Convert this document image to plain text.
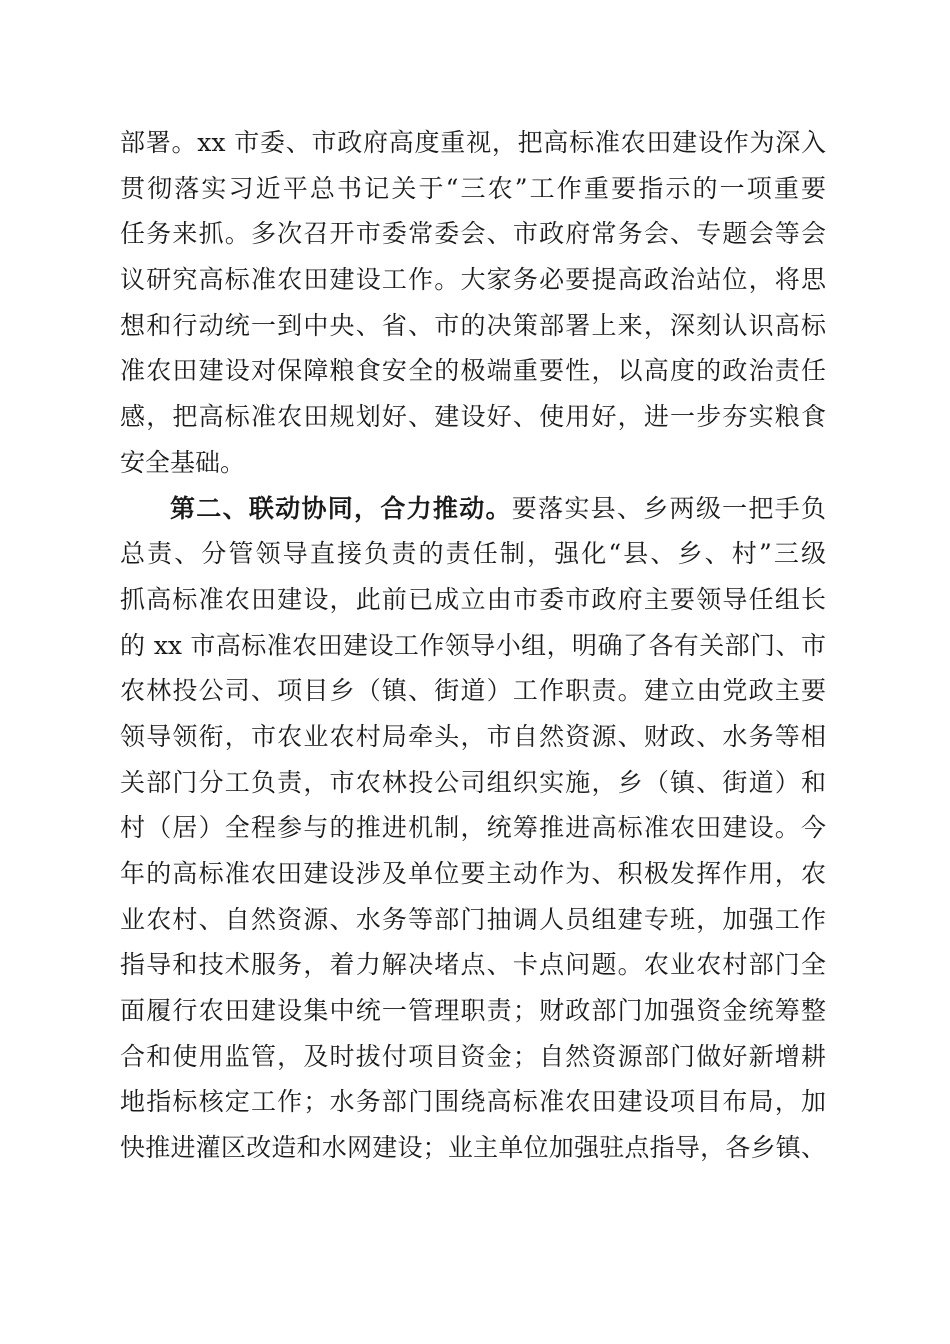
部署。xx 市委、市政府高度重视，把高标准农田建设作为深入
贯彻落实习近平总书记关于“三农”工作重要指示的一项重要
任务来抓。多次召开市委常委会、市政府常务会、专题会等会
议研究高标准农田建设工作。大家务必要提高政治站位，将思
想和行动统一到中央、省、市的决策部署上来，深刻认识高标
准农田建设对保障粮食安全的极端重要性，以高度的政治责任
感，把高标准农田规划好、建设好、使用好，进一步夯实粮食
安全基础。
第二、联动协同，合力推动。要落实县、乡两级一把手负
总责、分管领导直接负责的责任制，强化“县、乡、村”三级
抓高标准农田建设，此前已成立由市委市政府主要领导任组长
的 xx 市高标准农田建设工作领导小组，明确了各有关部门、市
农林投公司、项目乡（镇、街道）工作职责。建立由党政主要
领导领衔，市农业农村局牵头，市自然资源、财政、水务等相
关部门分工负责，市农林投公司组织实施，乡（镇、街道）和
村（居）全程参与的推进机制，统筹推进高标准农田建设。今
年的高标准农田建设涉及单位要主动作为、积极发挥作用，农
业农村、自然资源、水务等部门抽调人员组建专班，加强工作
指导和技术服务，着力解决堵点、卡点问题。农业农村部门全
面履行农田建设集中统一管理职责；财政部门加强资金统筹整
合和使用监管，及时拔付项目资金；自然资源部门做好新增耕
地指标核定工作；水务部门围绕高标准农田建设项目布局，加
快推进灌区改造和水网建设；业主单位加强驻点指导，各乡镇、
